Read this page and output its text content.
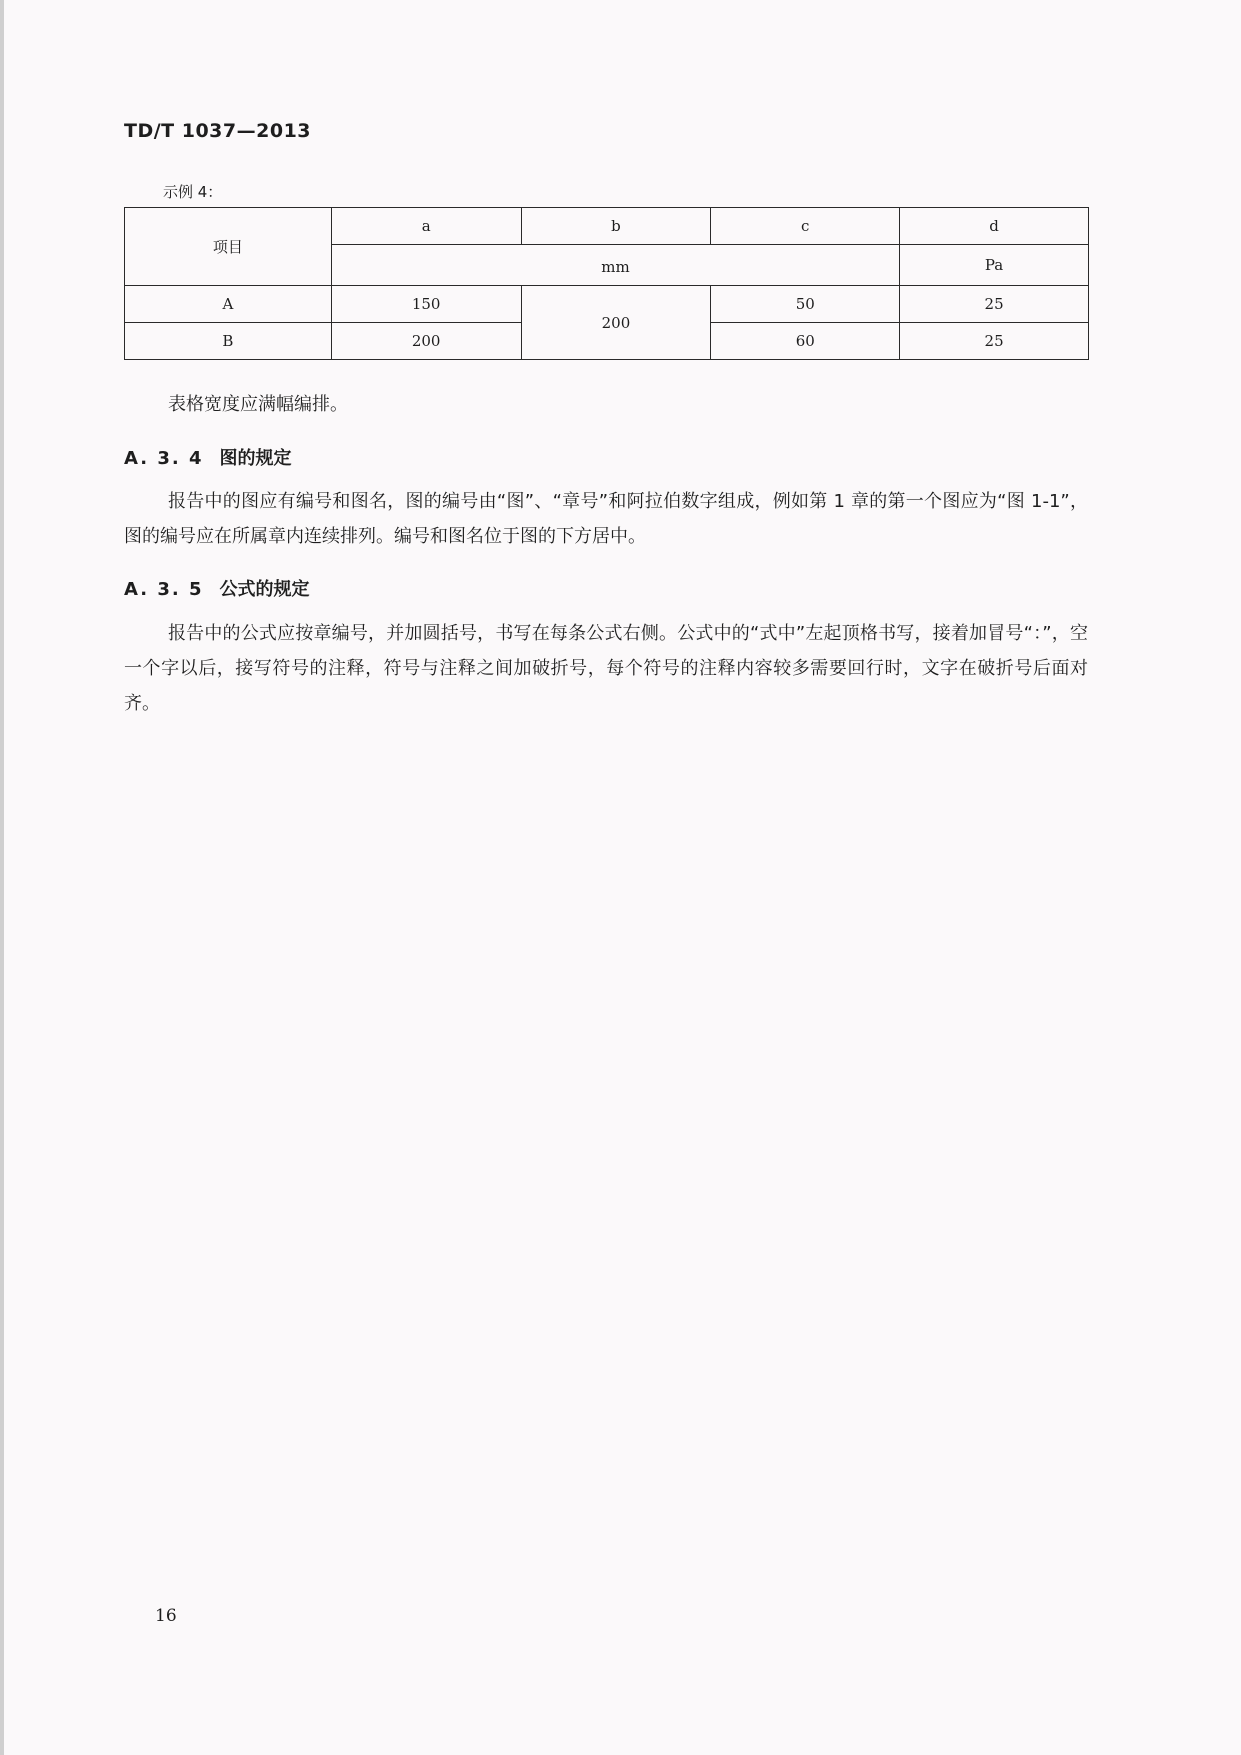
TD/T 1037—2013
示例 4：
项目	a	b	c	d
	mm			Pa
A	150	200	50	25
B	200		60	25
表格宽度应满幅编排。
A. 3. 4 图的规定
报告中的图应有编号和图名，图的编号由“图”、“章号”和阿拉伯数字组成，例如第 1 章的第一个图应为“图 1-1”，图的编号应在所属章内连续排列。编号和图名位于图的下方居中。
A. 3. 5 公式的规定
报告中的公式应按章编号，并加圆括号，书写在每条公式右侧。公式中的“式中”左起顶格书写，接着加冒号“：”，空一个字以后，接写符号的注释，符号与注释之间加破折号，每个符号的注释内容较多需要回行时，文字在破折号后面对齐。
16
